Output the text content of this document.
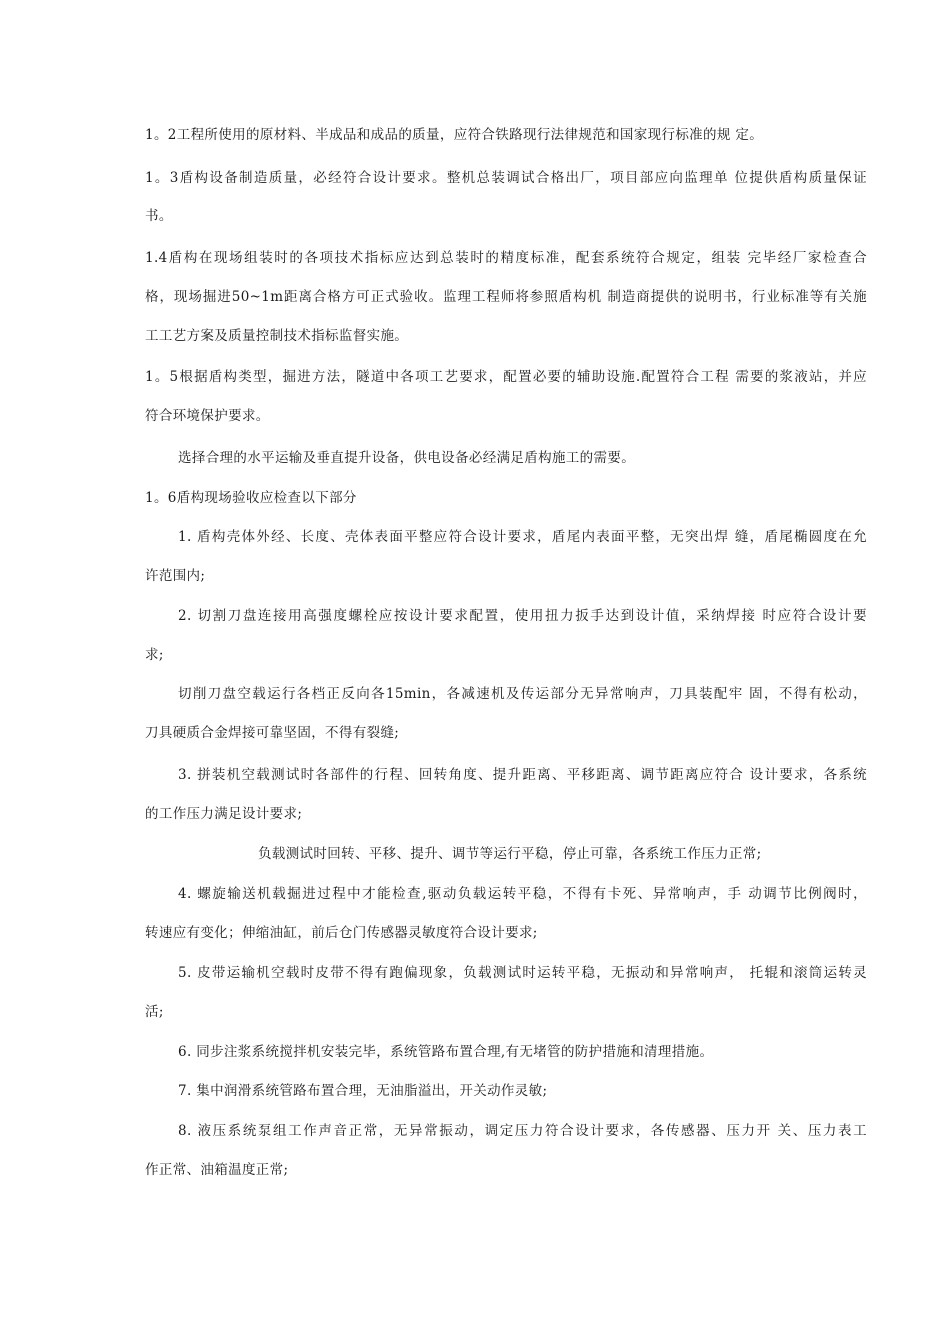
1。2工程所使用的原材料、半成品和成品的质量，应符合铁路现行法律规范和国家现行标准的规 定。
1。3盾构设备制造质量，必经符合设计要求。整机总装调试合格出厂，项目部应向监理单 位提供盾构质量保证
书。
1.4盾构在现场组装时的各项技术指标应达到总装时的精度标准，配套系统符合规定，组装 完毕经厂家检查合
格，现场掘进50~1m距离合格方可正式验收。监理工程师将参照盾构机 制造商提供的说明书，行业标准等有关施
工工艺方案及质量控制技术指标监督实施。
1。5根据盾构类型，掘进方法，隧道中各项工艺要求，配置必要的辅助设施.配置符合工程 需要的浆液站，并应
符合环境保护要求。
选择合理的水平运输及垂直提升设备，供电设备必经满足盾构施工的需要。
1。6盾构现场验收应检查以下部分
1. 盾构壳体外经、长度、壳体表面平整应符合设计要求，盾尾内表面平整，无突出焊 缝，盾尾椭圆度在允
许范围内;
2. 切割刀盘连接用高强度螺栓应按设计要求配置，使用扭力扳手达到设计值，采纳焊接 时应符合设计要
求;
切削刀盘空载运行各档正反向各15min，各减速机及传运部分无异常响声，刀具装配牢 固，不得有松动，
刀具硬质合金焊接可靠坚固，不得有裂缝;
3. 拼装机空载测试时各部件的行程、回转角度、提升距离、平移距离、调节距离应符合 设计要求，各系统
的工作压力满足设计要求;
负载测试时回转、平移、提升、调节等运行平稳，停止可靠，各系统工作压力正常;
4. 螺旋输送机载掘进过程中才能检查,驱动负载运转平稳，不得有卡死、异常响声，手 动调节比例阀时，
转速应有变化；伸缩油缸，前后仓门传感器灵敏度符合设计要求;
5. 皮带运输机空载时皮带不得有跑偏现象，负载测试时运转平稳，无振动和异常响声， 托辊和滚筒运转灵
活;
6. 同步注浆系统搅拌机安装完毕，系统管路布置合理,有无堵管的防护措施和清理措施。
7. 集中润滑系统管路布置合理，无油脂溢出，开关动作灵敏;
8. 液压系统泵组工作声音正常，无异常振动，调定压力符合设计要求，各传感器、压力开 关、压力表工
作正常、油箱温度正常;
